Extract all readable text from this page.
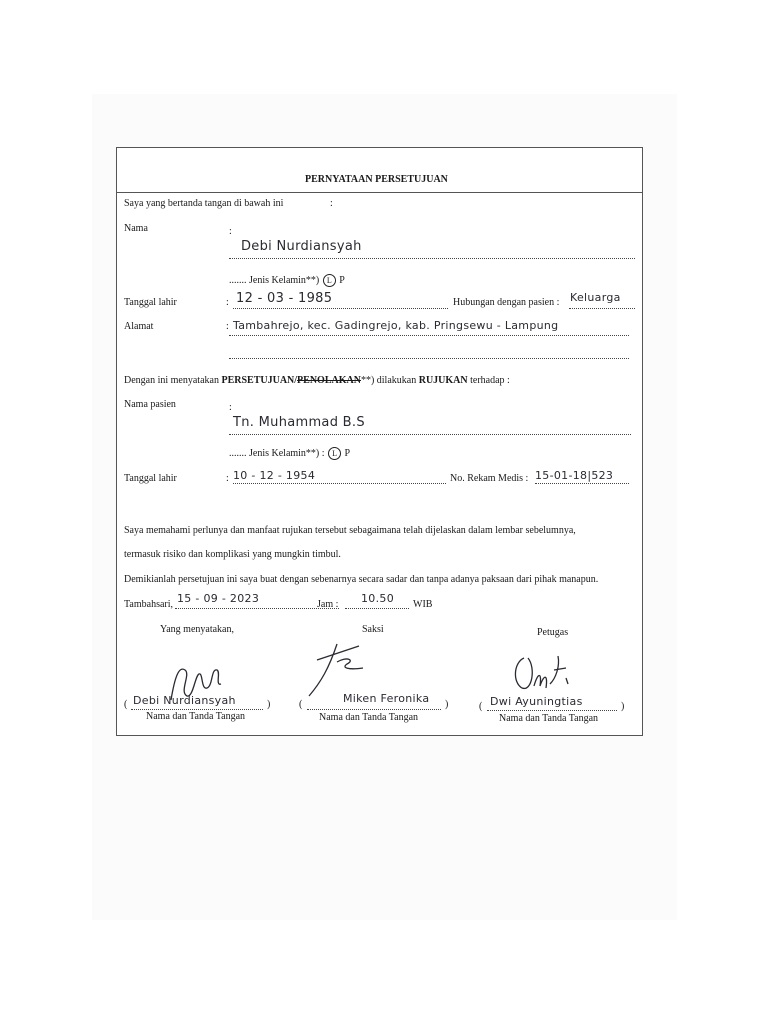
PERNYATAAN PERSETUJUAN
Saya yang bertanda tangan di bawah ini	:
Nama	:
Debi Nurdiansyah
....... Jenis Kelamin**) L P
Tanggal lahir	: 12 - 03 - 1985	Hubungan dengan pasien : Keluarga
Alamat	: Tambahrejo, kec. Gadingrejo, kab. Pringsewu - Lampung
Dengan ini menyatakan PERSETUJUAN/PENOLAKAN**) dilakukan RUJUKAN terhadap :
Nama pasien	:
Tn. Muhammad B.S
....... Jenis Kelamin**) : L P
Tanggal lahir	: 10 - 12 - 1954	No. Rekam Medis : 15-01-18|523
Saya memahami perlunya dan manfaat rujukan tersebut sebagaimana telah dijelaskan dalam lembar sebelumnya,
termasuk risiko dan komplikasi yang mungkin timbul.
Demikianlah persetujuan ini saya buat dengan sebenarnya secara sadar dan tanpa adanya paksaan dari pihak manapun.
Tambahsari, 15 - 09 - 2023	Jam : 10.50 WIB
Yang menyatakan,	Saksi	Petugas
( Debi Nurdiansyah	)	(	Miken Feronika )	( Dwi Ayuningtias	)
Nama dan Tanda Tangan	Nama dan Tanda Tangan	Nama dan Tanda Tangan
